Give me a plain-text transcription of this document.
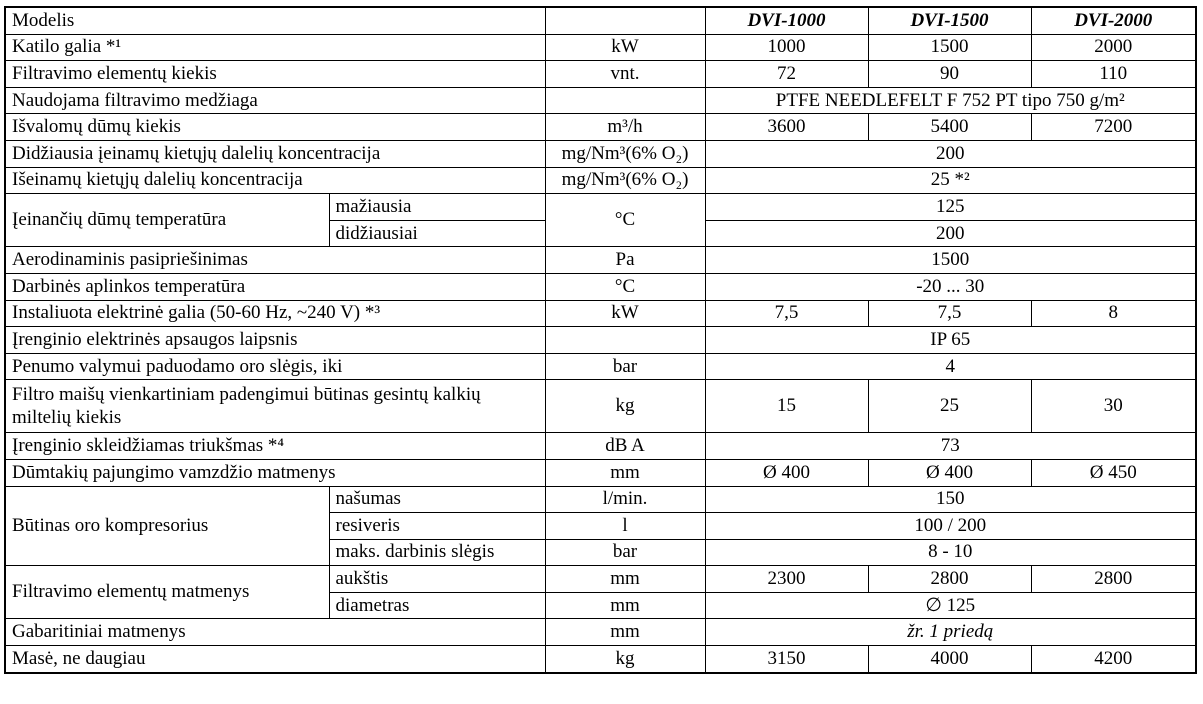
Modelis			DVI-1000	DVI-1500	DVI-2000
Katilo galia *¹		kW	1000	1500	2000
Filtravimo elementų kiekis		vnt.	72	90	110
Naudojama filtravimo medžiaga			PTFE NEEDLEFELT F 752 PT tipo 750 g/m²		
Išvalomų dūmų kiekis		m³/h	3600	5400	7200
Didžiausia įeinamų kietųjų dalelių koncentracija		mg/Nm³(6% O₂)	200		
Išeinamų kietųjų dalelių koncentracija		mg/Nm³(6% O₂)	25 *²		
Įeinančių dūmų temperatūra	mažiausia	°C	125		
	didžiausiai		200		
Aerodinaminis pasipriešinimas		Pa	1500		
Darbinės aplinkos temperatūra		°C	-20 ... 30		
Instaliuota elektrinė galia (50-60 Hz, ~240 V) *³		kW	7,5	7,5	8
Įrenginio elektrinės apsaugos laipsnis			IP 65		
Penumo valymui paduodamo oro slėgis, iki		bar	4		
Filtro maišų vienkartiniam padengimui būtinas gesintų kalkių miltelių kiekis		kg	15	25	30
Įrenginio skleidžiamas triukšmas *⁴		dB A	73		
Dūmtakių pajungimo vamzdžio matmenys		mm	Ø 400	Ø 400	Ø 450
Būtinas oro kompresorius	našumas	l/min.	150		
	resiveris	l	100 / 200		
	maks. darbinis slėgis	bar	8 - 10		
Filtravimo elementų matmenys	aukštis	mm	2300	2800	2800
	diametras	mm	∅ 125		
Gabaritiniai matmenys		mm	žr. 1 priedą		
Masė, ne daugiau		kg	3150	4000	4200
